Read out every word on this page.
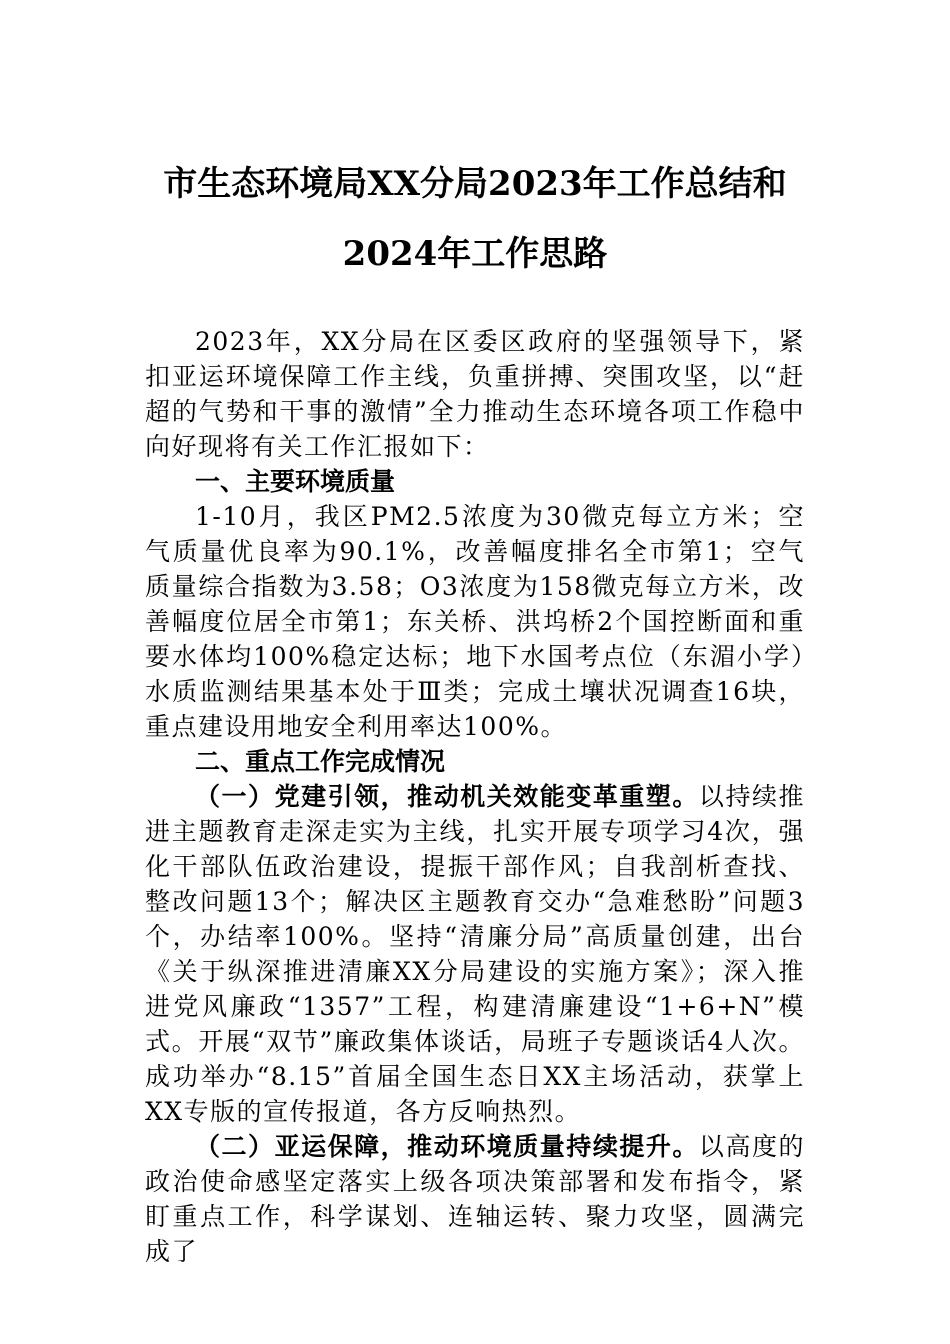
市生态环境局XX分局2023年工作总结和
2024年工作思路

2023年，XX分局在区委区政府的坚强领导下，紧扣亚运环境保障工作主线，负重拼搏、突围攻坚，以“赶超的气势和干事的激情”全力推动生态环境各项工作稳中向好现将有关工作汇报如下：

一、主要环境质量

1-10月，我区PM2.5浓度为30微克每立方米；空气质量优良率为90.1%，改善幅度排名全市第1；空气质量综合指数为3.58；O3浓度为158微克每立方米，改善幅度位居全市第1；东关桥、洪坞桥2个国控断面和重要水体均100%稳定达标；地下水国考点位（东湄小学）水质监测结果基本处于Ⅲ类；完成土壤状况调查16块，重点建设用地安全利用率达100%。

二、重点工作完成情况

（一）党建引领，推动机关效能变革重塑。以持续推进主题教育走深走实为主线，扎实开展专项学习4次，强化干部队伍政治建设，提振干部作风；自我剖析查找、整改问题13个；解决区主题教育交办“急难愁盼”问题3个，办结率100%。坚持“清廉分局”高质量创建，出台《关于纵深推进清廉XX分局建设的实施方案》；深入推进党风廉政“1357”工程，构建清廉建设“1+6+N”模式。开展“双节”廉政集体谈话，局班子专题谈话4人次。成功举办“8.15”首届全国生态日XX主场活动，获掌上XX专版的宣传报道，各方反响热烈。

（二）亚运保障，推动环境质量持续提升。以高度的政治使命感坚定落实上级各项决策部署和发布指令，紧盯重点工作，科学谋划、连轴运转、聚力攻坚，圆满完成了
